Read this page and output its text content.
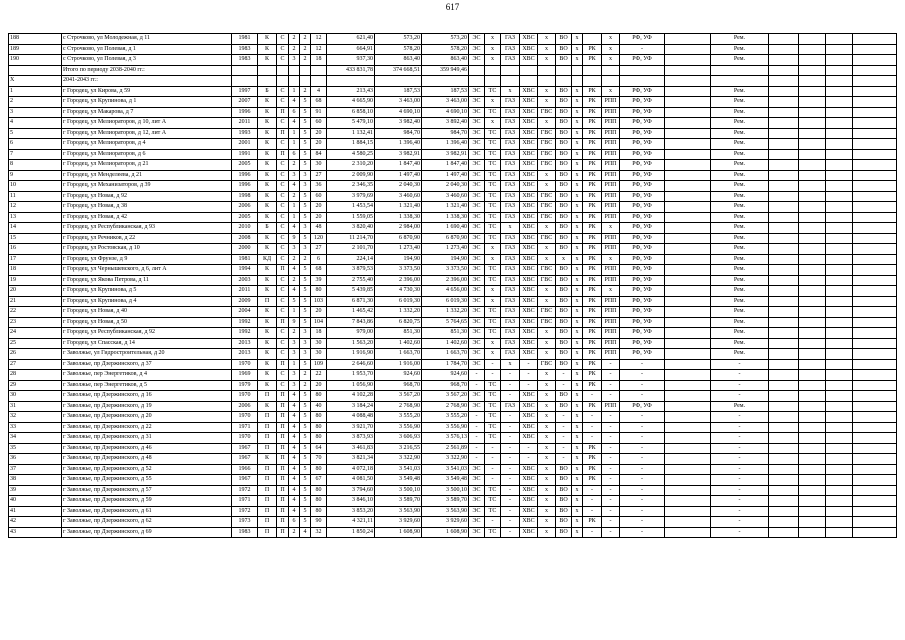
617
188	с Строчково, ул Молодежная, д 11	1981	К	С	2	2	12	621,40	573,20	573,20	ЭС	х	ГАЗ	ХВС	х	ВО	х		х	РФ, УФ		Рем.				
189	с Строчково, ул Полевая, д 1	1983	К	С	2	2	12	664,91	578,20	578,20	ЭС	х	ГАЗ	ХВС	х	ВО	х	РК	х	-		Рем.				
190	с Строчково, ул Полевая, д 3	1983	К	С	3	2	18	937,30	863,40	863,40	ЭС	х	ГАЗ	ХВС	х	ВО	х	РК	х	РФ, УФ		Рем.				
	Итого по периоду 2038-2040 гг.:							433 831,78	374 668,51	359 949,46																
Х	2041-2043 гг.:																									
1	г Городец, ул Кирова, д 59	1997	Б	С	1	2	4	213,43	187,53	187,53	ЭС	ТС	х	ХВС	х	ВО	х	РК	х	РФ, УФ		Рем.				
2	г Городец, ул Крупинова, д 1	2007	К	С	4	5	68	4 665,90	3 463,00	3 463,00	ЭС	х	ГАЗ	ХВС	х	ВО	х	РК	РПП	РФ, УФ		Рем.				
3	г Городец, ул Макарова, д 7	1996	К	П	6	5	91	6 858,10	4 690,10	4 690,10	ЭС	ТС	ГАЗ	ХВС	ГВС	ВО	х	РК	РПП	РФ, УФ		Рем.				
4	г Городец, ул Мелиораторов, д 10, лит А	2011	К	С	4	5	60	5 479,10	3 982,40	3 892,40	ЭС	х	ГАЗ	ХВС	х	ВО	х	РК	РПП	РФ, УФ		Рем.				
5	г Городец, ул Мелиораторов, д 12, лит А	1993	К	П	1	5	20	1 132,41	984,70	984,70	ЭС	ТС	ГАЗ	ХВС	ГВС	ВО	х	РК	РПП	РФ, УФ		Рем.				
6	г Городец, ул Мелиораторов, д 4	2001	К	С	1	5	20	1 884,15	1 396,40	1 396,40	ЭС	ТС	ГАЗ	ХВС	ГВС	ВО	х	РК	РПП	РФ, УФ		Рем.				
7	г Городец, ул Мелиораторов, д 6	1991	К	П	6	5	84	4 580,25	3 982,91	3 982,91	ЭС	ТС	ГАЗ	ХВС	ГВС	ВО	х	РК	РПП	РФ, УФ		Рем.				
8	г Городец, ул Мелиораторов, д 21	2005	К	С	2	5	30	2 310,20	1 847,40	1 847,40	ЭС	ТС	ГАЗ	ХВС	ГВС	ВО	х	РК	РПП	РФ, УФ		Рем.				
9	г Городец, ул Менделеева, д 21	1996	К	С	3	3	27	2 009,90	1 497,40	1 497,40	ЭС	ТС	ГАЗ	ХВС	х	ВО	х	РК	РПП	РФ, УФ		Рем.				
10	г Городец, ул Механизаторов, д 39	1996	К	С	4	3	36	2 346,35	2 040,30	2 040,30	ЭС	ТС	ГАЗ	ХВС	х	ВО	х	РК	РПП	РФ, УФ		Рем.				
11	г Городец, ул Новая, д 92	1998	К	С	2	5	60	3 979,69	3 460,60	3 460,60	ЭС	ТС	ГАЗ	ХВС	ГВС	ВО	х	РК	РПП	РФ, УФ		Рем.				
12	г Городец, ул Новая, д 38	2006	К	С	1	5	20	1 453,54	1 321,40	1 321,40	ЭС	ТС	ГАЗ	ХВС	ГВС	ВО	х	РК	РПП	РФ, УФ		Рем.				
13	г Городец, ул Новая, д 42	2005	К	С	1	5	20	1 559,05	1 338,30	1 338,30	ЭС	ТС	ГАЗ	ХВС	ГВС	ВО	х	РК	РПП	РФ, УФ		Рем.				
14	г Городец, ул Республиканская, д 93	2010	Б	С	4	3	48	3 820,40	2 984,00	1 690,40	ЭС	ТС	х	ХВС	х	ВО	х	РК	х	РФ, УФ		Рем.				
15	г Городец, ул Речников, д 22	2008	К	С	9	5	120	11 214,70	6 870,90	6 870,90	ЭС	ТС	ГАЗ	ХВС	ГВС	ВО	х	РК	РПП	РФ, УФ		Рем.				
16	г Городец, ул Ростовская, д 10	2000	К	С	3	3	27	2 101,70	1 273,40	1 273,40	ЭС	х	ГАЗ	ХВС	х	ВО	х	РК	РПП	РФ, УФ		Рем.				
17	г Городец, ул Фрунзе, д 9	1981	КД	С	2	2	6	224,14	194,90	194,90	ЭС	х	ГАЗ	ХВС	х	х	х	РК	х	РФ, УФ		Рем.				
18	г Городец, ул Чернышевского, д 6, лит А	1994	К	П	4	5	68	3 879,53	3 373,50	3 373,50	ЭС	ТС	ГАЗ	ХВС	ГВС	ВО	х	РК	РПП	РФ, УФ		Рем.				
19	г Городец, ул Якова Петрова, д 11	2003	К	С	2	5	39	2 755,40	2 396,00	2 396,00	ЭС	ТС	ГАЗ	ХВС	ГВС	ВО	х	РК	РПП	РФ, УФ		Рем.				
20	г Городец, ул Крупинова, д 5	2011	К	С	4	5	80	5 439,85	4 730,30	4 656,00	ЭС	х	ГАЗ	ХВС	х	ВО	х	РК	х	РФ, УФ		Рем.				
21	г Городец, ул Крупинова, д 4	2009	П	С	5	5	103	6 871,30	6 019,30	6 019,30	ЭС	х	ГАЗ	ХВС	х	ВО	х	РК	РПП	РФ, УФ		Рем.				
22	г Городец, ул Новая, д 40	2004	К	С	1	5	20	1 465,42	1 332,20	1 332,20	ЭС	ТС	ГАЗ	ХВС	ГВС	ВО	х	РК	РПП	РФ, УФ		Рем.				
23	г Городец, ул Новая, д 50	1992	К	П	9	5	104	7 843,86	6 820,75	5 764,65	ЭС	ТС	ГАЗ	ХВС	ГВС	ВО	х	РК	РПП	РФ, УФ		Рем.				
24	г Городец, ул Республиканская, д 92	1992	К	С	2	3	18	979,00	851,30	851,30	ЭС	ТС	ГАЗ	ХВС	х	ВО	х	РК	РПП	РФ, УФ		Рем.				
25	г Городец, ул Спасская, д 14	2013	К	С	3	3	30	1 563,20	1 402,60	1 402,60	ЭС	х	ГАЗ	ХВС	х	ВО	х	РК	РПП	РФ, УФ		Рем.				
26	г Заволжье, ул Гидростроительная, д 20	2013	К	С	3	3	30	1 916,90	1 663,70	1 663,70	ЭС	х	ГАЗ	ХВС	х	ВО	х	РК	РПП	РФ, УФ		Рем.				
27	г Заволжье, пр Дзержинского, д 37	1970	К	П	1	5	109	2 646,60	1 916,00	1 784,70	ЭС	-	х	-	ГВС	ВО	х	РК	-	-		-				
28	г Заволжье, пер Энергетиков, д 4	1969	К	С	3	2	22	1 953,70	924,60	924,60	-	-	-	-	х	-	х	РК	-	-		-				
29	г Заволжье, пер Энергетиков, д 5	1979	К	С	3	2	20	1 056,90	968,70	968,70	-	ТС	-	-	х	-	х	РК	-	-		-				
30	г Заволжье, пр Дзержинского, д 16	1970	П	П	4	5	80	4 102,28	3 567,20	3 567,20	ЭС	ТС	-	ХВС	х	ВО	х	-	-	-		-				
31	г Заволжье, пр Дзержинского, д 19	2006	К	П	4	5	40	3 184,24	2 768,90	2 768,90	ЭС	ТС	ГАЗ	ХВС	х	ВО	х	РК	РПП	РФ, УФ		Рем.				
32	г Заволжье, пр Дзержинского, д 20	1970	П	П	4	5	80	4 088,48	3 555,20	3 555,20	-	ТС	-	ХВС	х	-	х	-	-	-		-				
33	г Заволжье, пр Дзержинского, д 22	1971	П	П	4	5	80	3 921,70	3 556,90	3 556,90	-	ТС	-	ХВС	х	-	х	-	-	-		-				
34	г Заволжье, пр Дзержинского, д 31	1970	П	П	4	5	80	3 873,93	3 606,93	3 576,13	-	ТС	-	ХВС	х	-	х	-	-	-		-				
35	г Заволжье, пр Дзержинского, д 46	1967	П	П	4	5	64	3 461,83	3 216,55	2 561,89	-	-	-	-	х	-	х	РК	-	-		-				
36	г Заволжье, пр Дзержинского, д 48	1967	К	П	4	5	70	3 821,34	3 322,90	3 322,90	-	-	-	-	х	-	х	РК	-	-		-				
37	г Заволжье, пр Дзержинского, д 52	1966	П	П	4	5	80	4 072,18	3 541,03	3 541,03	ЭС	-	-	ХВС	х	ВО	х	РК	-	-		-				
38	г Заволжье, пр Дзержинского, д 55	1967	П	П	4	5	67	4 081,50	3 549,48	3 549,48	ЭС	-	-	ХВС	х	ВО	х	РК	-	-		-				
39	г Заволжье, пр Дзержинского, д 57	1972	П	П	4	5	80	3 794,60	3 500,10	3 500,10	ЭС	ТС	-	ХВС	х	ВО	х	-	-	-		-				
40	г Заволжье, пр Дзержинского, д 59	1971	П	П	4	5	80	3 846,10	3 589,70	3 589,70	ЭС	ТС	-	ХВС	х	ВО	х	-	-	-		-				
41	г Заволжье, пр Дзержинского, д 61	1972	П	П	4	5	80	3 853,20	3 563,90	3 563,90	ЭС	ТС	-	ХВС	х	ВО	х	-	-	-		-				
42	г Заволжье, пр Дзержинского, д 62	1973	П	П	6	5	90	4 321,11	3 929,60	3 929,60	ЭС	-	-	ХВС	х	ВО	х	РК	-	-		-				
43	г Заволжье, пр Дзержинского, д 69	1983	П	П	2	4	32	1 850,24	1 608,90	1 608,90	ЭС	ТС	-	ХВС	х	ВО	х	-	-	-		-				
